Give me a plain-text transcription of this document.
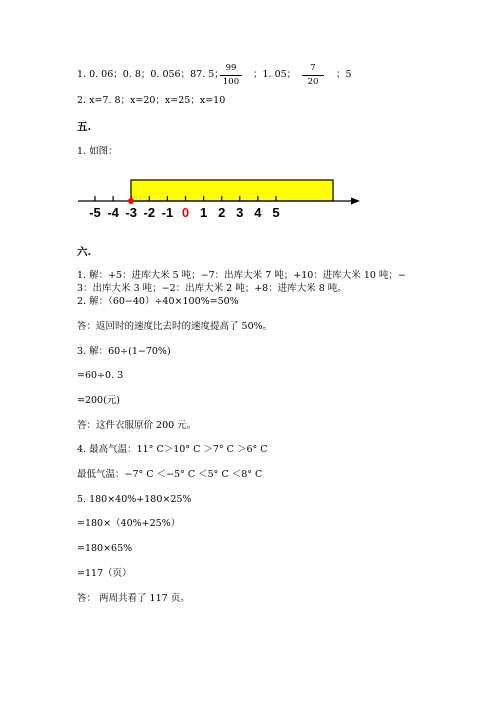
1. 0. 06；0. 8；0. 056；87. 5；
99
100
；1. 05；
7
20
；5
2. x=7. 8；x=20；x=25；x=10
五.
1. 如图：
-5 -4 -3 -2 -1 0 1 2 3 4 5
六.
1. 解：+5：进库大米 5 吨；−7：出库大米 7 吨；+10：进库大米 10 吨；−
3：出库大米 3 吨；−2：出库大米 2 吨；+8：进库大米 8 吨。
2. 解：（60−40）÷40×100%=50%
答：返回时的速度比去时的速度提高了 50%。
3. 解：60÷(1−70%)
=60÷0. 3
=200(元)
答：这件衣服原价 200 元。
4. 最高气温：11° C＞10° C ＞7° C ＞6° C
最低气温：−7° C ＜−5° C ＜5° C ＜8° C
5. 180×40%+180×25%
=180×（40%+25%）
=180×65%
=117（页）
答： 两周共看了 117 页。
